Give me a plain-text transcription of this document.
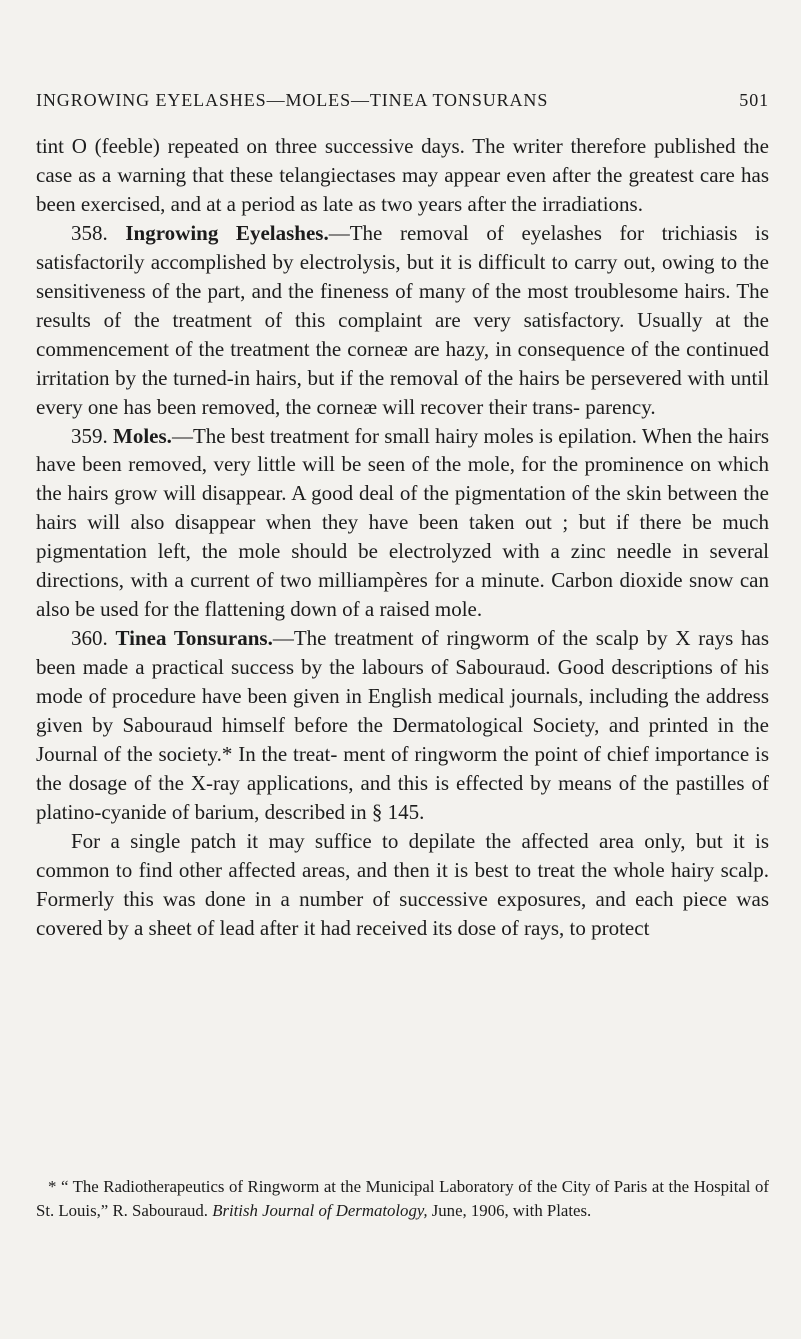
INGROWING EYELASHES—MOLES—TINEA TONSURANS	501

tint O (feeble) repeated on three successive days. The writer therefore published the case as a warning that these telangiectases may appear even after the greatest care has been exercised, and at a period as late as two years after the irradiations.

358. Ingrowing Eyelashes.—The removal of eyelashes for trichiasis is satisfactorily accomplished by electrolysis, but it is difficult to carry out, owing to the sensitiveness of the part, and the fineness of many of the most troublesome hairs. The results of the treatment of this complaint are very satisfactory. Usually at the commencement of the treatment the corneæ are hazy, in consequence of the continued irritation by the turned-in hairs, but if the removal of the hairs be persevered with until every one has been removed, the corneæ will recover their trans- parency.

359. Moles.—The best treatment for small hairy moles is epilation. When the hairs have been removed, very little will be seen of the mole, for the prominence on which the hairs grow will disappear. A good deal of the pigmentation of the skin between the hairs will also disappear when they have been taken out ; but if there be much pigmentation left, the mole should be electrolyzed with a zinc needle in several directions, with a current of two milliampères for a minute. Carbon dioxide snow can also be used for the flattening down of a raised mole.

360. Tinea Tonsurans.—The treatment of ringworm of the scalp by X rays has been made a practical success by the labours of Sabouraud. Good descriptions of his mode of procedure have been given in English medical journals, including the address given by Sabouraud himself before the Dermatological Society, and printed in the Journal of the society.* In the treat- ment of ringworm the point of chief importance is the dosage of the X-ray applications, and this is effected by means of the pastilles of platino-cyanide of barium, described in § 145.

For a single patch it may suffice to depilate the affected area only, but it is common to find other affected areas, and then it is best to treat the whole hairy scalp. Formerly this was done in a number of successive exposures, and each piece was covered by a sheet of lead after it had received its dose of rays, to protect

* “ The Radiotherapeutics of Ringworm at the Municipal Laboratory of the City of Paris at the Hospital of St. Louis,” R. Sabouraud. British Journal of Dermatology, June, 1906, with Plates.
